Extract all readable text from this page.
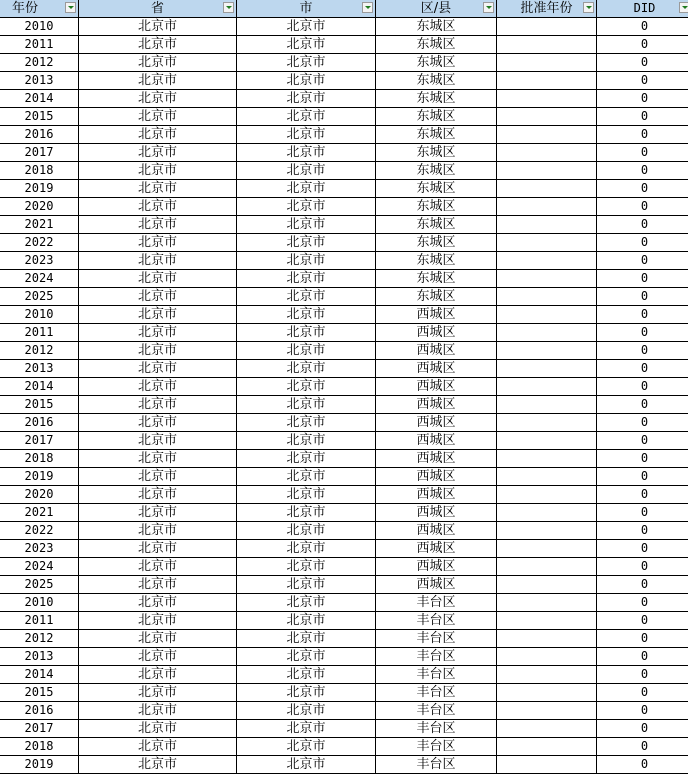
年份	省	市	区/县	批准年份	DID

2010	北京市	北京市	东城区		0
2011	北京市	北京市	东城区		0
2012	北京市	北京市	东城区		0
2013	北京市	北京市	东城区		0
2014	北京市	北京市	东城区		0
2015	北京市	北京市	东城区		0
2016	北京市	北京市	东城区		0
2017	北京市	北京市	东城区		0
2018	北京市	北京市	东城区		0
2019	北京市	北京市	东城区		0
2020	北京市	北京市	东城区		0
2021	北京市	北京市	东城区		0
2022	北京市	北京市	东城区		0
2023	北京市	北京市	东城区		0
2024	北京市	北京市	东城区		0
2025	北京市	北京市	东城区		0
2010	北京市	北京市	西城区		0
2011	北京市	北京市	西城区		0
2012	北京市	北京市	西城区		0
2013	北京市	北京市	西城区		0
2014	北京市	北京市	西城区		0
2015	北京市	北京市	西城区		0
2016	北京市	北京市	西城区		0
2017	北京市	北京市	西城区		0
2018	北京市	北京市	西城区		0
2019	北京市	北京市	西城区		0
2020	北京市	北京市	西城区		0
2021	北京市	北京市	西城区		0
2022	北京市	北京市	西城区		0
2023	北京市	北京市	西城区		0
2024	北京市	北京市	西城区		0
2025	北京市	北京市	西城区		0
2010	北京市	北京市	丰台区		0
2011	北京市	北京市	丰台区		0
2012	北京市	北京市	丰台区		0
2013	北京市	北京市	丰台区		0
2014	北京市	北京市	丰台区		0
2015	北京市	北京市	丰台区		0
2016	北京市	北京市	丰台区		0
2017	北京市	北京市	丰台区		0
2018	北京市	北京市	丰台区		0
2019	北京市	北京市	丰台区		0
